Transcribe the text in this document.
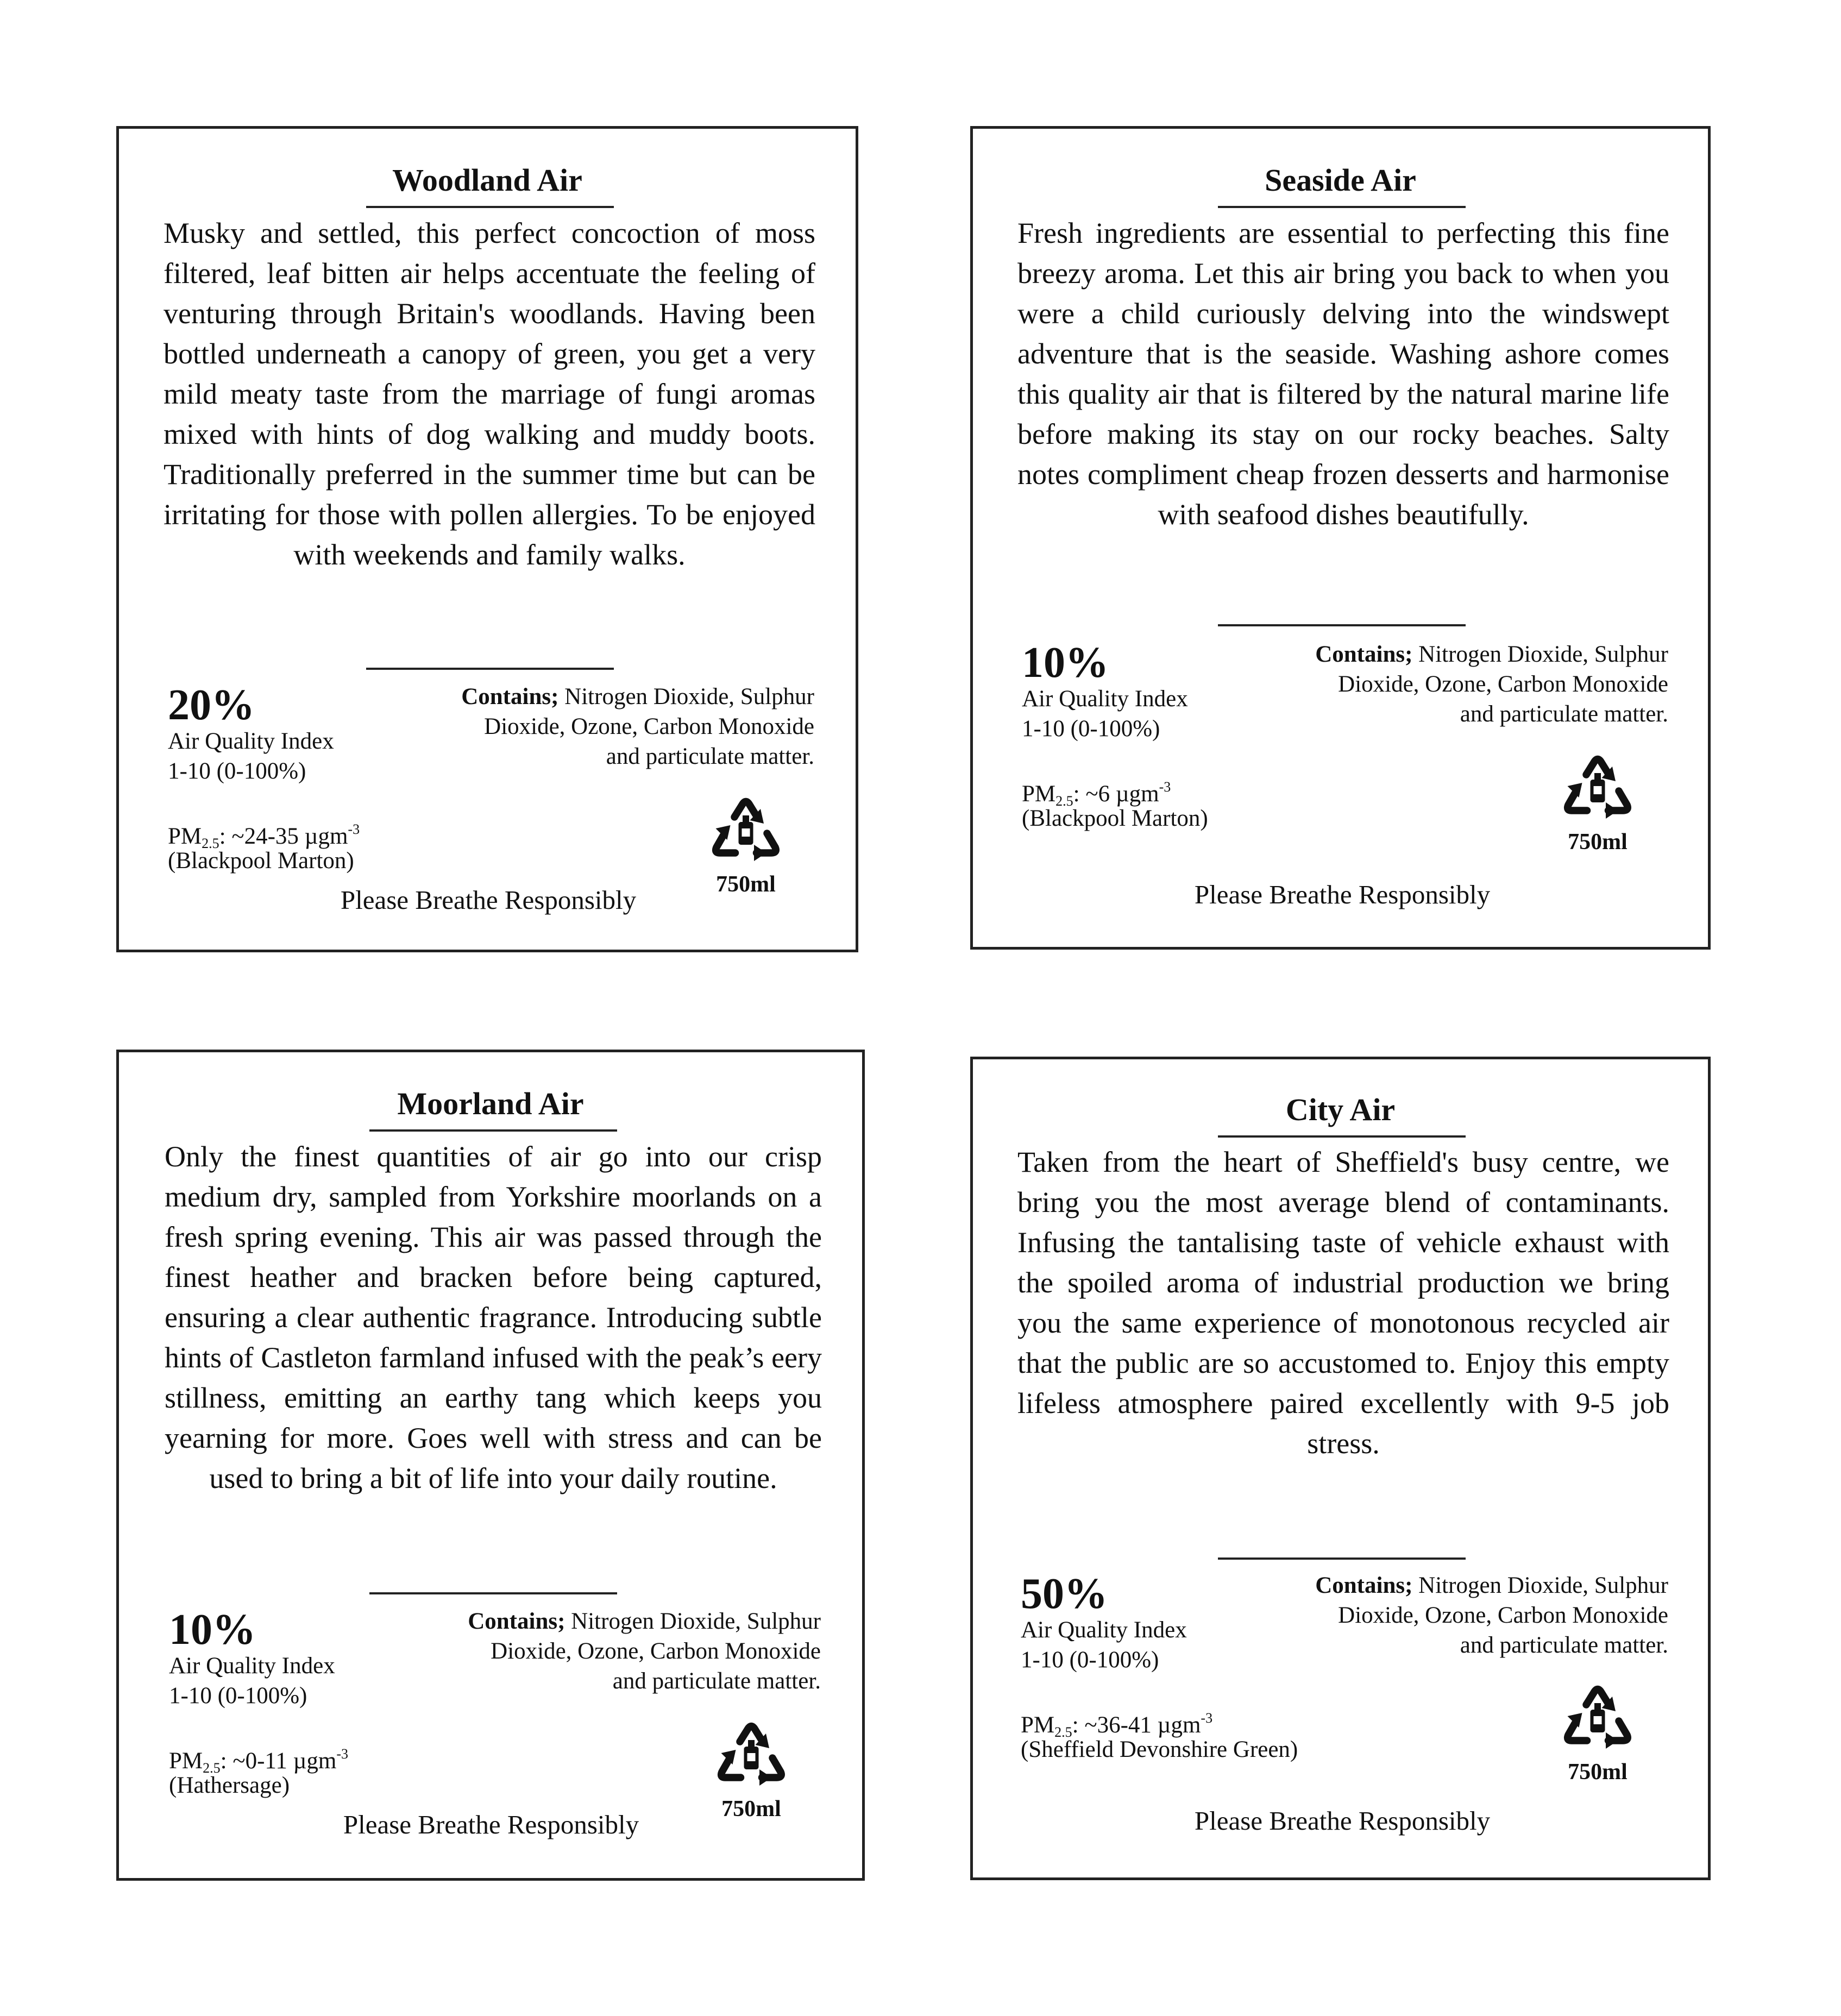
Woodland Air
Musky and settled, this perfect concoction of moss filtered, leaf bitten air helps accentuate the feeling of venturing through Britain's woodlands. Having been bottled underneath a canopy of green, you get a very mild meaty taste from the marriage of fungi aromas mixed with hints of dog walking and muddy boots. Traditionally preferred in the summer time but can be irritating for those with pollen allergies. To be enjoyed with weekends and family walks.
20%
Air Quality Index
1-10 (0-100%)
$PM_{2.5}$: ~24-35 µgm$^{-3}$
(Blackpool Marton)
Contains; Nitrogen Dioxide, Sulphur Dioxide, Ozone, Carbon Monoxide and particulate matter.
750ml
Please Breathe Responsibly
Seaside Air
Fresh ingredients are essential to perfecting this fine breezy aroma. Let this air bring you back to when you were a child curiously delving into the windswept adventure that is the seaside. Washing ashore comes this quality air that is filtered by the natural marine life before making its stay on our rocky beaches. Salty notes compliment cheap frozen desserts and harmonise with seafood dishes beautifully.
10%
Air Quality Index
1-10 (0-100%)
$PM_{2.5}$: ~6 µgm$^{-3}$
(Blackpool Marton)
Contains; Nitrogen Dioxide, Sulphur Dioxide, Ozone, Carbon Monoxide and particulate matter.
750ml
Please Breathe Responsibly
Moorland Air
Only the finest quantities of air go into our crisp medium dry, sampled from Yorkshire moorlands on a fresh spring evening. This air was passed through the finest heather and bracken before being captured, ensuring a clear authentic fragrance. Introducing subtle hints of Castleton farmland infused with the peak’s eery stillness, emitting an earthy tang which keeps you yearning for more. Goes well with stress and can be used to bring a bit of life into your daily routine.
10%
Air Quality Index
1-10 (0-100%)
$PM_{2.5}$: ~0-11 µgm$^{-3}$
(Hathersage)
Contains; Nitrogen Dioxide, Sulphur Dioxide, Ozone, Carbon Monoxide and particulate matter.
750ml
Please Breathe Responsibly
City Air
Taken from the heart of Sheffield's busy centre, we bring you the most average blend of contaminants. Infusing the tantalising taste of vehicle exhaust with the spoiled aroma of industrial production we bring you the same experience of monotonous recycled air that the public are so accustomed to. Enjoy this empty lifeless atmosphere paired excellently with 9-5 job stress.
50%
Air Quality Index
1-10 (0-100%)
$PM_{2.5}$: ~36-41 µgm$^{-3}$
(Sheffield Devonshire Green)
Contains; Nitrogen Dioxide, Sulphur Dioxide, Ozone, Carbon Monoxide and particulate matter.
750ml
Please Breathe Responsibly
